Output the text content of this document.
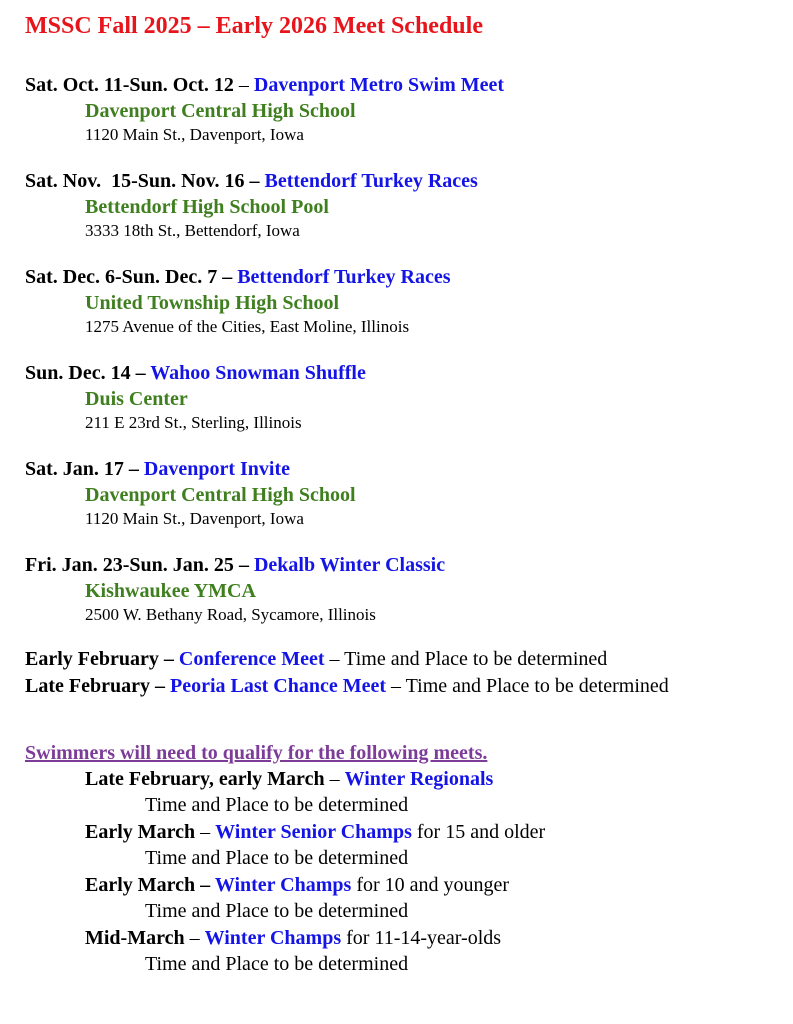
MSSC Fall 2025 – Early 2026 Meet Schedule
Sat. Oct. 11-Sun. Oct. 12 – Davenport Metro Swim Meet
Davenport Central High School
1120 Main St., Davenport, Iowa
Sat. Nov.  15-Sun. Nov. 16 – Bettendorf Turkey Races
Bettendorf High School Pool
3333 18th St., Bettendorf, Iowa
Sat. Dec. 6-Sun. Dec. 7 – Bettendorf Turkey Races
United Township High School
1275 Avenue of the Cities, East Moline, Illinois
Sun. Dec. 14 – Wahoo Snowman Shuffle
Duis Center
211 E 23rd St., Sterling, Illinois
Sat. Jan. 17 – Davenport Invite
Davenport Central High School
1120 Main St., Davenport, Iowa
Fri. Jan. 23-Sun. Jan. 25 – Dekalb Winter Classic
Kishwaukee YMCA
2500 W. Bethany Road, Sycamore, Illinois
Early February – Conference Meet – Time and Place to be determined
Late February – Peoria Last Chance Meet – Time and Place to be determined
Swimmers will need to qualify for the following meets.
Late February, early March – Winter Regionals
Time and Place to be determined
Early March – Winter Senior Champs for 15 and older
Time and Place to be determined
Early March – Winter Champs for 10 and younger
Time and Place to be determined
Mid-March – Winter Champs for 11-14-year-olds
Time and Place to be determined
